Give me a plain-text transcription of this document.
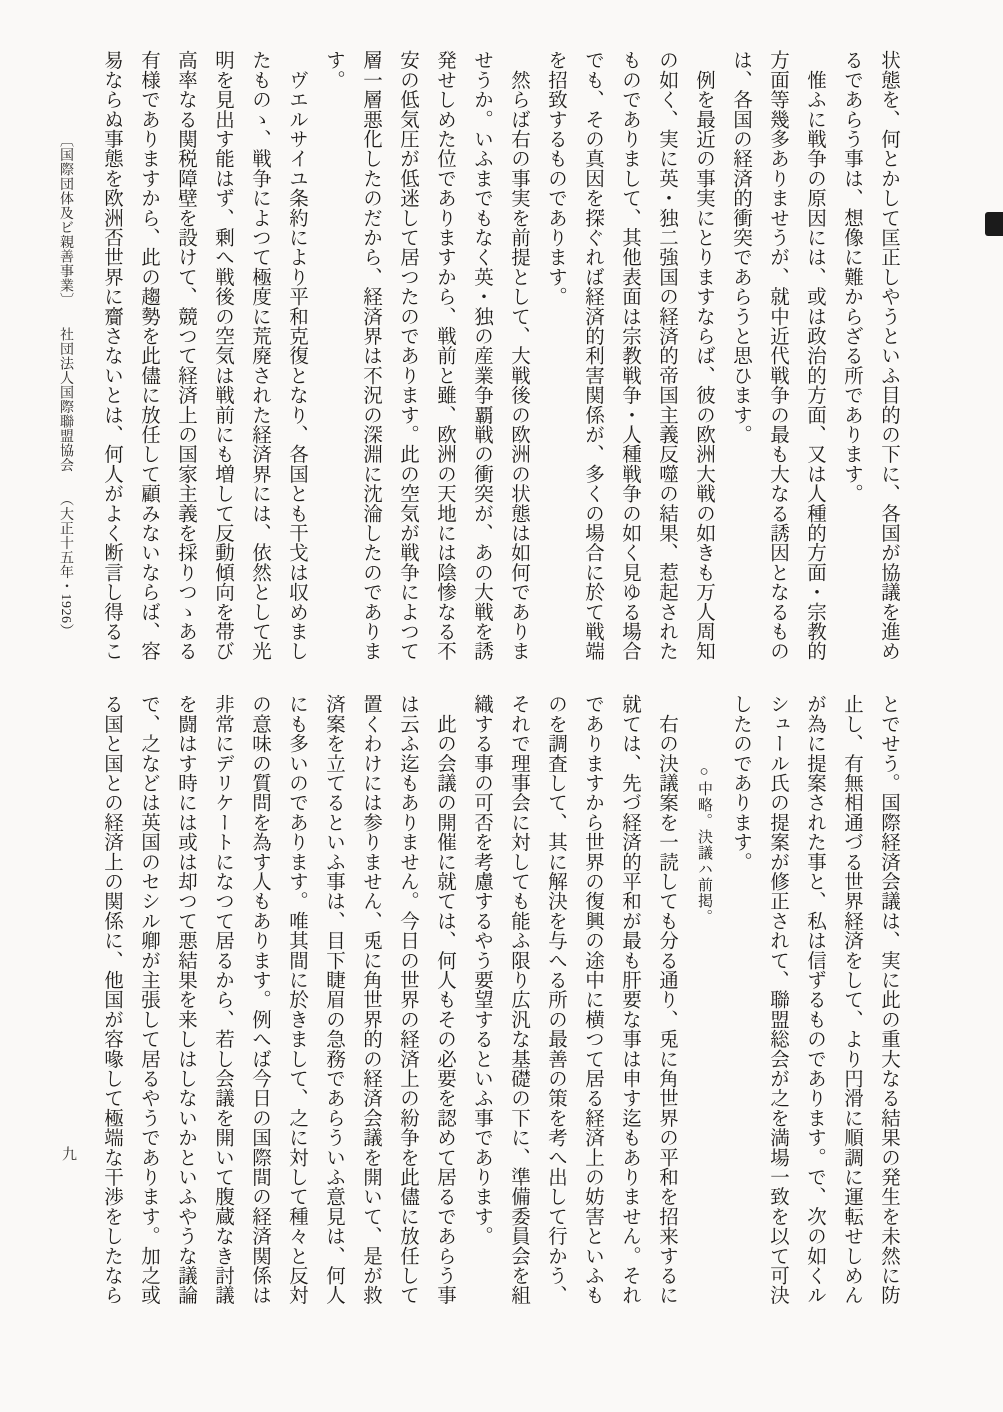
状態を、何とかして匡正しやうといふ目的の下に、各国が協議を進め
るであらう事は、想像に難からざる所であります。
　惟ふに戦争の原因には、或は政治的方面、又は人種的方面・宗教的
方面等幾多ありませうが、就中近代戦争の最も大なる誘因となるもの
は、各国の経済的衝突であらうと思ひます。
　例を最近の事実にとりますならば、彼の欧洲大戦の如きも万人周知
の如く、実に英・独二強国の経済的帝国主義反噬の結果、惹起された
ものでありまして、其他表面は宗教戦争・人種戦争の如く見ゆる場合
でも、その真因を探ぐれば経済的利害関係が、多くの場合に於て戦端
を招致するものであります。
　然らば右の事実を前提として、大戦後の欧洲の状態は如何でありま
せうか。いふまでもなく英・独の産業争覇戦の衝突が、あの大戦を誘
発せしめた位でありますから、戦前と雖、欧洲の天地には陰惨なる不
安の低気圧が低迷して居つたのであります。此の空気が戦争によつて
層一層悪化したのだから、経済界は不況の深淵に沈淪したのでありま
す。
　ヴエルサイユ条約により平和克復となり、各国とも干戈は収めまし
たものゝ、戦争によつて極度に荒廃された経済界には、依然として光
明を見出す能はず、剰へ戦後の空気は戦前にも増して反動傾向を帯び
高率なる関税障壁を設けて、競つて経済上の国家主義を採りつゝある
有様でありますから、此の趨勢を此儘に放任して顧みないならば、容
易ならぬ事態を欧洲否世界に齎さないとは、何人がよく断言し得るこ
とでせう。国際経済会議は、実に此の重大なる結果の発生を未然に防
止し、有無相通づる世界経済をして、より円滑に順調に運転せしめん
が為に提案された事と、私は信ずるものであります。で、次の如くル
シュール氏の提案が修正されて、聯盟総会が之を満場一致を以て可決
したのであります。
○中略。決議ハ前掲。
　右の決議案を一読しても分る通り、兎に角世界の平和を招来するに
就ては、先づ経済的平和が最も肝要な事は申す迄もありません。それ
でありますから世界の復興の途中に横つて居る経済上の妨害といふも
のを調査して、其に解決を与へる所の最善の策を考へ出して行かう、
それで理事会に対しても能ふ限り広汎な基礎の下に、準備委員会を組
織する事の可否を考慮するやう要望するといふ事であります。
　此の会議の開催に就ては、何人もその必要を認めて居るであらう事
は云ふ迄もありません。今日の世界の経済上の紛争を此儘に放任して
置くわけには参りません、兎に角世界的の経済会議を開いて、是が救
済案を立てるといふ事は、目下睫眉の急務であらういふ意見は、何人
にも多いのであります。唯其間に於きまして、之に対して種々と反対
の意味の質問を為す人もあります。例へば今日の国際間の経済関係は
非常にデリケートになつて居るから、若し会議を開いて腹蔵なき討議
を闘はす時には或は却つて悪結果を来しはしないかといふやうな議論
で、之などは英国のセシル卿が主張して居るやうであります。加之或
る国と国との経済上の関係に、他国が容喙して極端な干渉をしたなら
〔国際団体及ビ親善事業〕社団法人国際聯盟協会（大正十五年・1926）
九
